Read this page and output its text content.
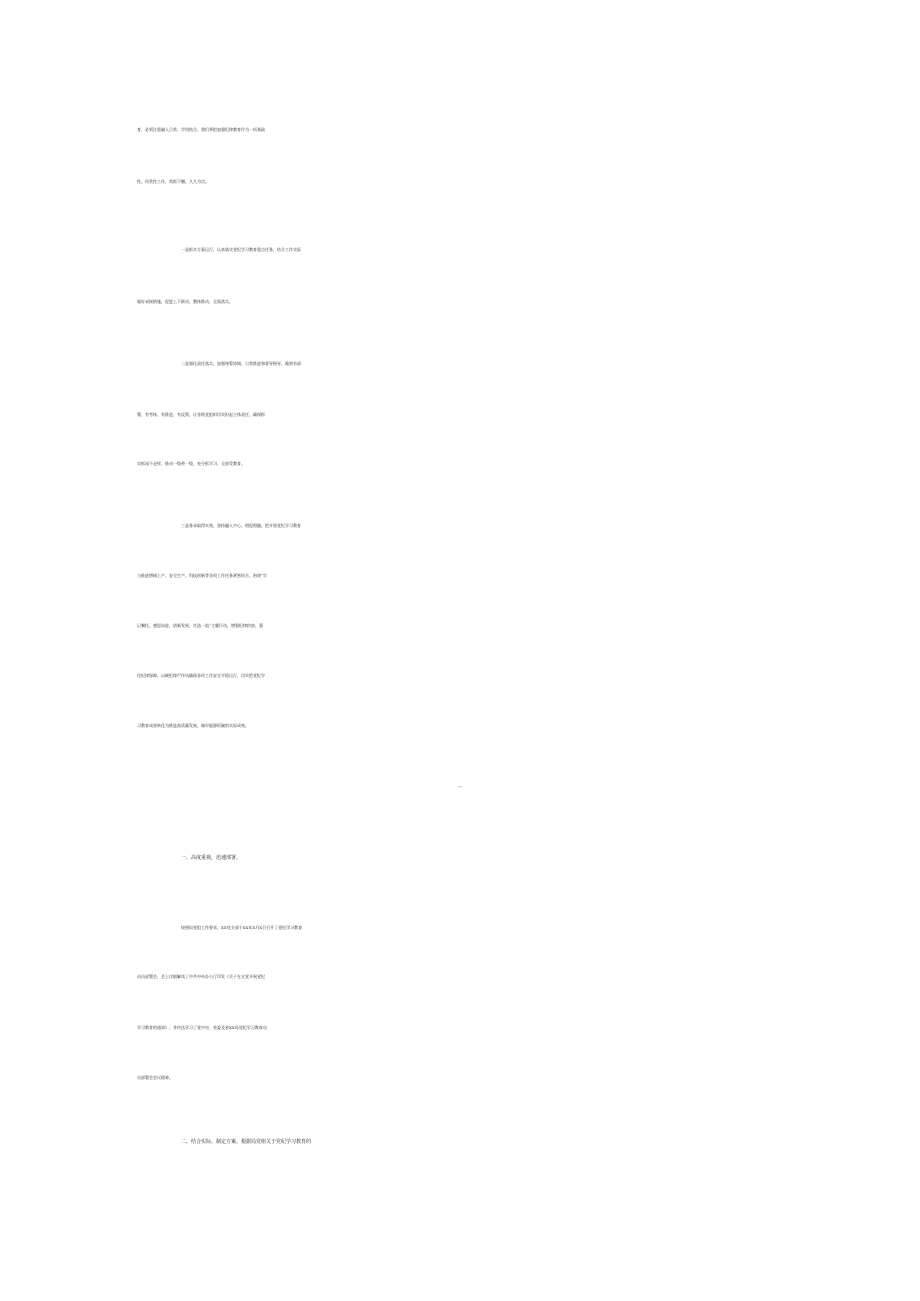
育，必须注重融入日常、学用结合。我们将把加强纪律教育作为一项基础
性、经常性工作，常抓不懈、久久为功。
一是抓实方案运行，认真落实党纪学习教育重点任务，结合工作实际
做好承接措施，促进上下联动、整体推动、全面落实。
二是强化责任落实，加强统筹协调、日常推进和督导指导，做到有部
署、有考核、有推进、有反馈，让各级党组织切实担起主体责任，确保抓
实抓深不走样，推动一级带一级，充分抓学习、全部受教育。
三是务求取得实效，坚持融入中心、相促相融，把开展党纪学习教育
与推进增储上产、安全生产、科技创新等各项工作任务紧密结合，围绕“牢
记嘱托、感恩奋进，创新发展、打造一流”主题行动，增强纪律约束，强
化纪律保障，以硬纪律严作风确保各项工作安全平稳运行，切实把党纪学
习教育成果转化为推进高质量发展、端牢能源饭碗的实际成效。
一、高度重视，迅速部署。
按照局党组工作要求，XX党支部于XX年X月X日召开了党纪学习教育
动员部署会，会上详细解读了中共中央办公厅印发《关于在全党开展党纪
学习教育的通知》，并传达学习了党中央、省委及省XX局党纪学习教育动
员部署会会议精神。
二、结合实际、制定方案。根据局党组关于党纪学习教育的
